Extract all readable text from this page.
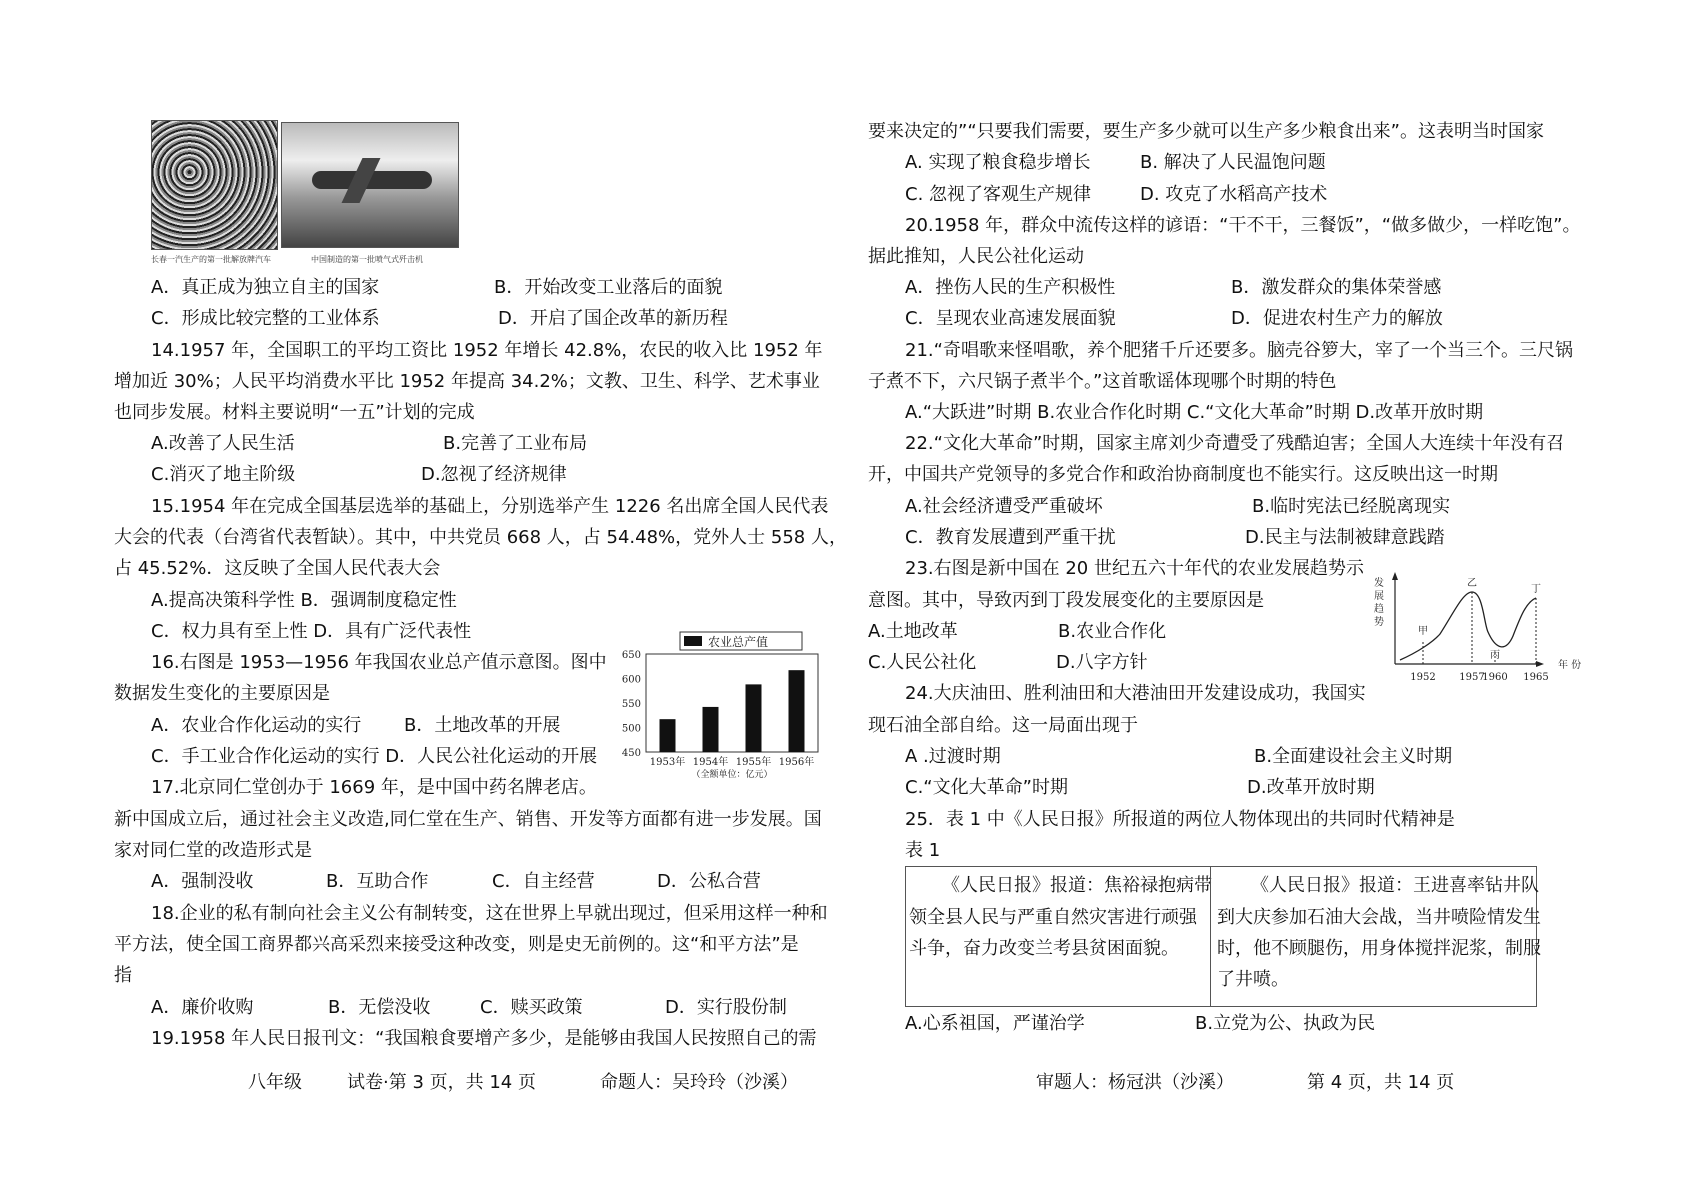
长春一汽生产的第一批解放牌汽车	中国制造的第一批喷气式歼击机
A．真正成为独立自主的国家	B．开始改变工业落后的面貌
C．形成比较完整的工业体系	D．开启了国企改革的新历程
14.1957 年，全国职工的平均工资比 1952 年增长 42.8%，农民的收入比 1952 年
增加近 30%；人民平均消费水平比 1952 年提高 34.2%；文教、卫生、科学、艺术事业
也同步发展。材料主要说明“一五”计划的完成
A.改善了人民生活	B.完善了工业布局
C.消灭了地主阶级	D.忽视了经济规律
15.1954 年在完成全国基层选举的基础上，分别选举产生 1226 名出席全国人民代表
大会的代表（台湾省代表暂缺）。其中，中共党员 668 人，占 54.48%，党外人士 558 人，
占 45.52%．这反映了全国人民代表大会
A.提高决策科学性 B．强调制度稳定性
C．权力具有至上性 D．具有广泛代表性
16.右图是 1953—1956 年我国农业总产值示意图。图中
数据发生变化的主要原因是
A．农业合作化运动的实行 B．土地改革的开展
C．手工业合作化运动的实行 D．人民公社化运动的开展
17.北京同仁堂创办于 1669 年，是中国中药名牌老店。
新中国成立后，通过社会主义改造,同仁堂在生产、销售、开发等方面都有进一步发展。国
家对同仁堂的改造形式是
A．强制没收	B．互助合作	C．自主经营	D．公私合营
18.企业的私有制向社会主义公有制转变，这在世界上早就出现过，但采用这样一种和
平方法，使全国工商界都兴高采烈来接受这种改变，则是史无前例的。这“和平方法”是
指
A．廉价收购	B．无偿没收	C．赎买政策	D．实行股份制
19.1958 年人民日报刊文：“我国粮食要增产多少，是能够由我国人民按照自己的需
农业总产值
450
500
550
600
650
1953年 1954年 1955年 1956年
（全额单位：亿元）
八年级	试卷·第 3 页，共 14 页	命题人：吴玲玲（沙溪）
要来决定的”“只要我们需要，要生产多少就可以生产多少粮食出来”。这表明当时国家
A. 实现了粮食稳步增长	B. 解决了人民温饱问题
C. 忽视了客观生产规律	D. 攻克了水稻高产技术
20.1958 年，群众中流传这样的谚语：“干不干，三餐饭”，“做多做少，一样吃饱”。
据此推知，人民公社化运动
A．挫伤人民的生产积极性	B．激发群众的集体荣誉感
C．呈现农业高速发展面貌	D．促进农村生产力的解放
21.“奇唱歌来怪唱歌，养个肥猪千斤还要多。脑壳谷箩大，宰了一个当三个。三尺锅
子煮不下，六尺锅子煮半个。”这首歌谣体现哪个时期的特色
A.“大跃进”时期 B.农业合作化时期 C.“文化大革命”时期 D.改革开放时期
22.“文化大革命”时期，国家主席刘少奇遭受了残酷迫害；全国人大连续十年没有召
开，中国共产党领导的多党合作和政治协商制度也不能实行。这反映出这一时期
A.社会经济遭受严重破坏	B.临时宪法已经脱离现实
C．教育发展遭到严重干扰	D.民主与法制被肆意践踏
23.右图是新中国在 20 世纪五六十年代的农业发展趋势示
意图。其中，导致丙到丁段发展变化的主要原因是
A.土地改革	B.农业合作化
C.人民公社化	D.八字方针
24.大庆油田、胜利油田和大港油田开发建设成功，我国实
现石油全部自给。这一局面出现于
A .过渡时期	B.全面建设社会主义时期
C.“文化大革命”时期	D.改革开放时期
25．表 1 中《人民日报》所报道的两位人物体现出的共同时代精神是
表 1
《人民日报》报道：焦裕禄抱病带
领全县人民与严重自然灾害进行顽强
斗争，奋力改变兰考县贫困面貌。
《人民日报》报道：王进喜率钻井队
到大庆参加石油大会战，当井喷险情发生
时，他不顾腿伤，用身体搅拌泥浆，制服
了井喷。
A.心系祖国，严谨治学	B.立党为公、执政为民
发展趋势
年 份
1952
甲
1957
乙
1960
丙
1965
丁
审题人：杨冠洪（沙溪）	第 4 页，共 14 页
